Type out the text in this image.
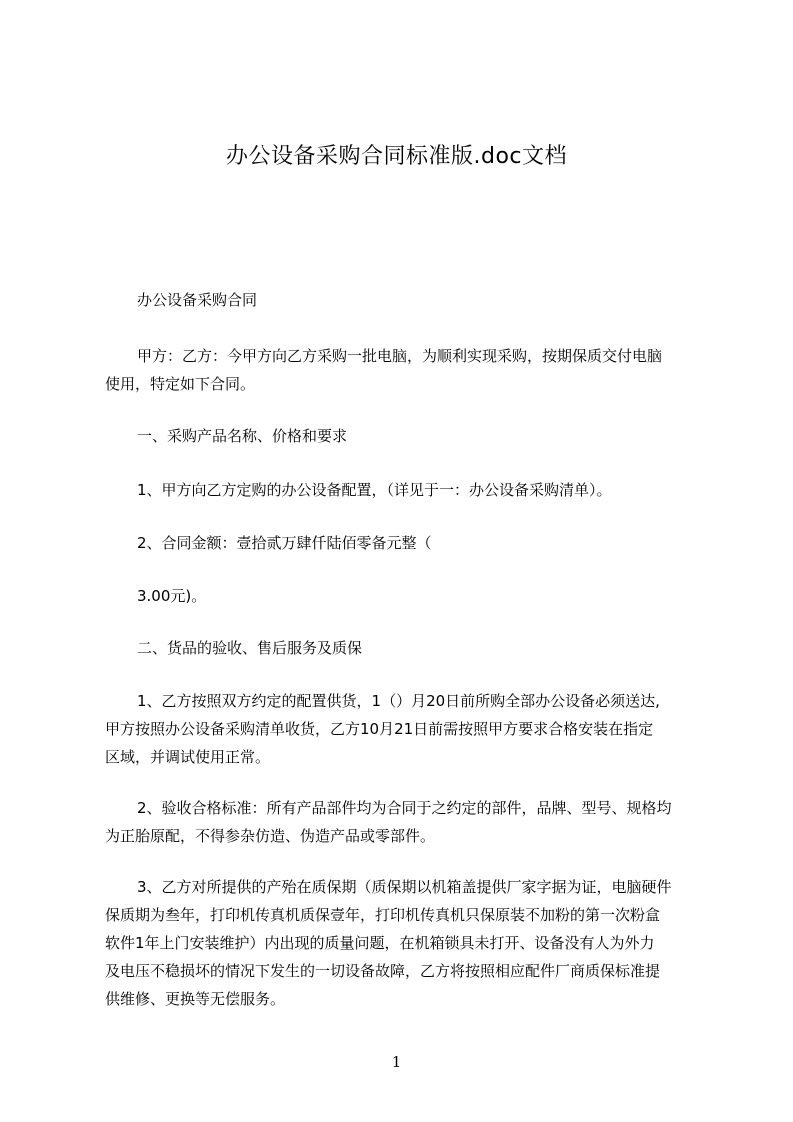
办公设备采购合同标准版.doc文档
办公设备采购合同
甲方：乙方：今甲方向乙方采购一批电脑，为顺利实现采购，按期保质交付电脑
使用，特定如下合同。
一、采购产品名称、价格和要求
1、甲方向乙方定购的办公设备配置，（详见于一：办公设备采购清单）。
2、合同金额：壹拾贰万肆仟陆佰零备元整（
3.00元)。
二、货品的验收、售后服务及质保
1、乙方按照双方约定的配置供货，1（）月20日前所购全部办公设备必须送达,
甲方按照办公设备采购清单收货，乙方10月21日前需按照甲方要求合格安装在指定
区域，并调试使用正常。
2、验收合格标准：所有产品部件均为合同于之约定的部件，品牌、型号、规格均
为正胎原配，不得参杂仿造、伪造产品或零部件。
3、乙方对所提供的产殆在质保期（质保期以机箱盖提供厂家字据为证，电脑硬件
保质期为叁年，打印机传真机质保壹年，打印机传真机只保原装不加粉的第一次粉盒
软件1年上门安装维护）内出现的质量问题，在机箱锁具未打开、设备没有人为外力
及电压不稳损坏的情况下发生的一切设备故障，乙方将按照相应配件厂商质保标准提
供维修、更换等无偿服务。
1
